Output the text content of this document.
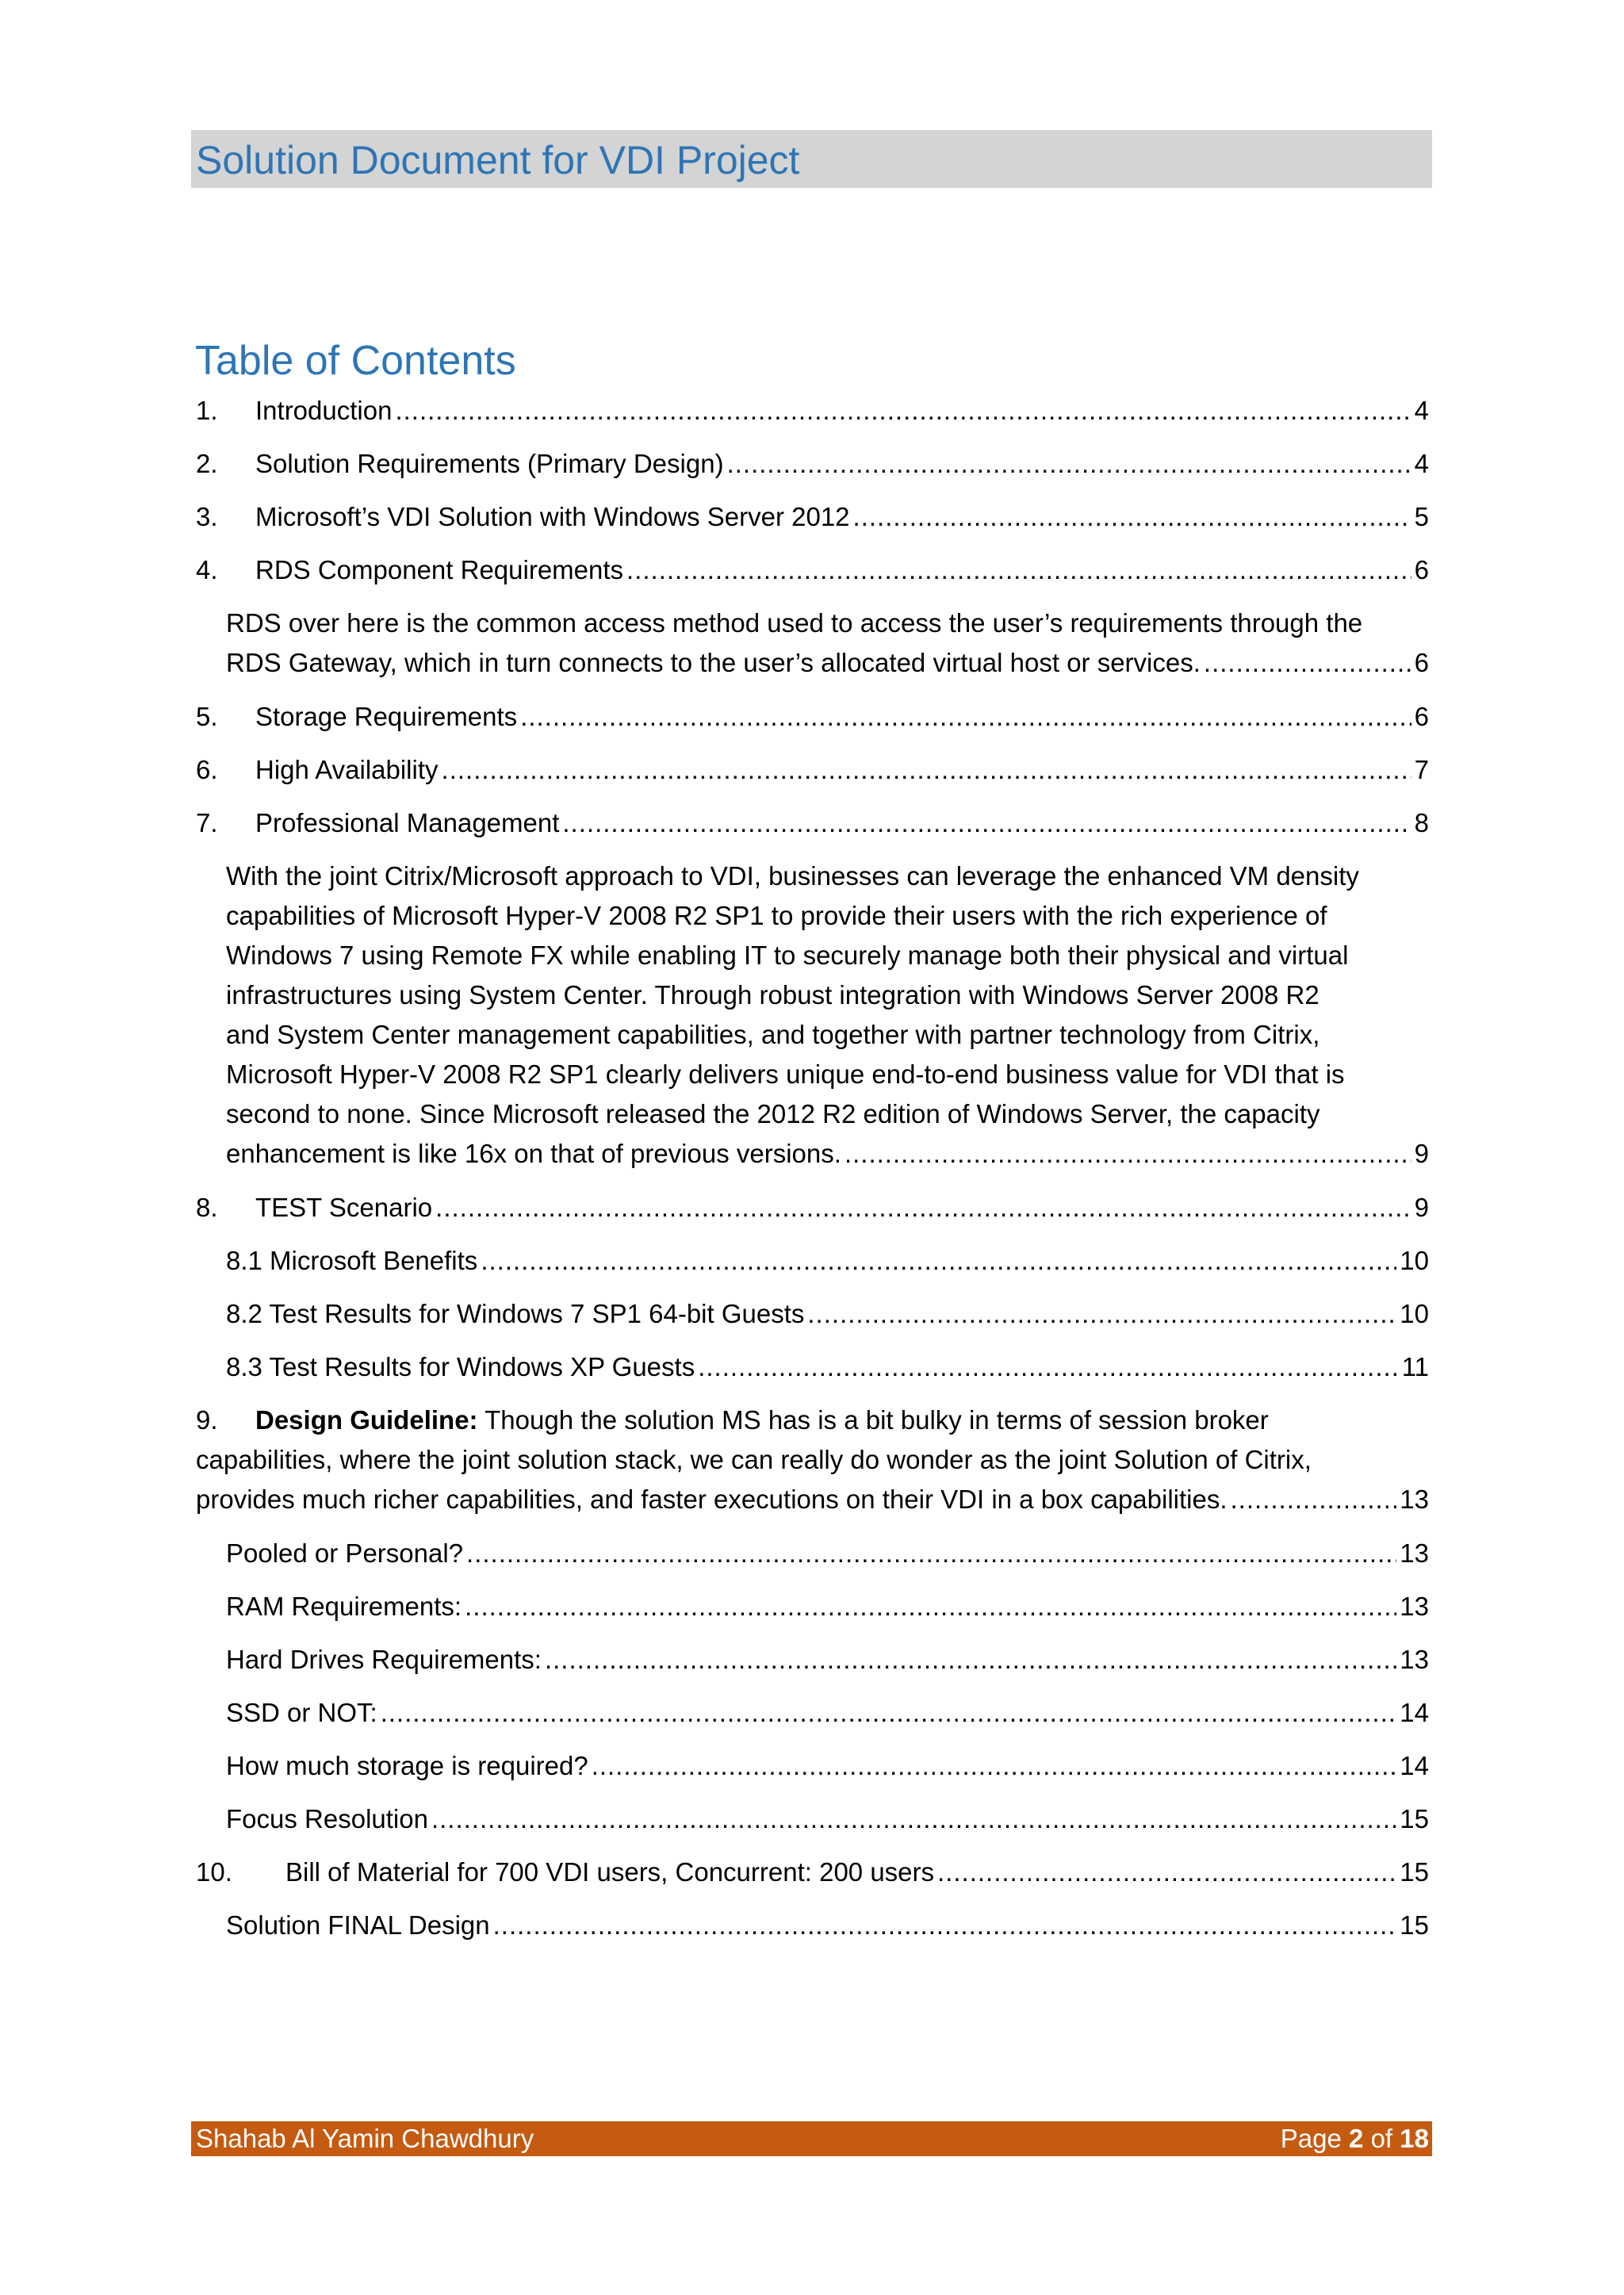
Solution Document for VDI Project
Table of Contents
1.	Introduction .....	4
2.	Solution Requirements (Primary Design) .....	4
3.	Microsoft’s VDI Solution with Windows Server 2012 .....	5
4.	RDS Component Requirements .....	6
RDS over here is the common access method used to access the user’s requirements through the
RDS Gateway, which in turn connects to the user’s allocated virtual host or services. .....	6
5.	Storage Requirements .....	6
6.	High Availability .....	7
7.	Professional Management .....	8
With the joint Citrix/Microsoft approach to VDI, businesses can leverage the enhanced VM density
capabilities of Microsoft Hyper-V 2008 R2 SP1 to provide their users with the rich experience of
Windows 7 using Remote FX while enabling IT to securely manage both their physical and virtual
infrastructures using System Center. Through robust integration with Windows Server 2008 R2
and System Center management capabilities, and together with partner technology from Citrix,
Microsoft Hyper-V 2008 R2 SP1 clearly delivers unique end-to-end business value for VDI that is
second to none. Since Microsoft released the 2012 R2 edition of Windows Server, the capacity
enhancement is like 16x on that of previous versions. .....	9
8.	TEST Scenario .....	9
8.1 Microsoft Benefits .....	10
8.2 Test Results for Windows 7 SP1 64-bit Guests .....	10
8.3 Test Results for Windows XP Guests .....	11
9.	Design Guideline: Though the solution MS has is a bit bulky in terms of session broker
capabilities, where the joint solution stack, we can really do wonder as the joint Solution of Citrix,
provides much richer capabilities, and faster executions on their VDI in a box capabilities. .....	13
Pooled or Personal? .....	13
RAM Requirements: .....	13
Hard Drives Requirements: .....	13
SSD or NOT: .....	14
How much storage is required? .....	14
Focus Resolution .....	15
10.	Bill of Material for 700 VDI users, Concurrent: 200 users .....	15
Solution FINAL Design .....	15
Shahab Al Yamin Chawdhury	Page 2 of 18
